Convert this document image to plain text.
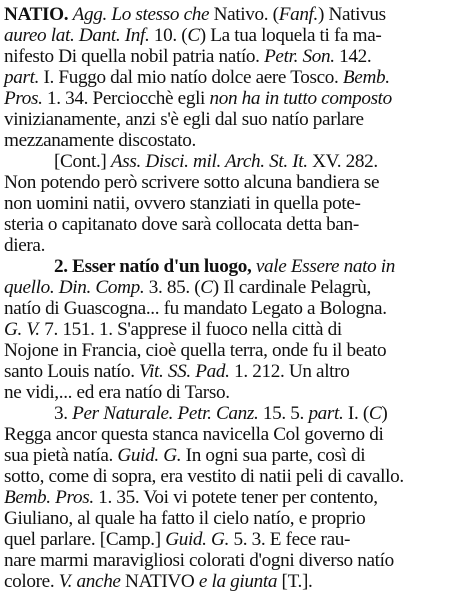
NATIO. Agg. Lo stesso che Nativo. (Fanf.) Nativus
aureo lat. Dant. Inf. 10. (C) La tua loquela ti fa ma-
nifesto Di quella nobil patria natío. Petr. Son. 142.
part. I. Fuggo dal mio natío dolce aere Tosco. Bemb.
Pros. 1. 34. Perciocchè egli non ha in tutto composto
vinizianamente, anzi s'è egli dal suo natío parlare
mezzanamente discostato.
[Cont.] Ass. Disci. mil. Arch. St. It. XV. 282.
Non potendo però scrivere sotto alcuna bandiera se
non uomini natii, ovvero stanziati in quella pote-
steria o capitanato dove sarà collocata detta ban-
diera.
2. Esser natío d'un luogo, vale Essere nato in
quello. Din. Comp. 3. 85. (C) Il cardinale Pelagrù,
natío di Guascogna... fu mandato Legato a Bologna.
G. V. 7. 151. 1. S'apprese il fuoco nella città di
Nojone in Francia, cioè quella terra, onde fu il beato
santo Louis natío. Vit. SS. Pad. 1. 212. Un altro
ne vidi,... ed era natío di Tarso.
3. Per Naturale. Petr. Canz. 15. 5. part. I. (C)
Regga ancor questa stanca navicella Col governo di
sua pietà natía. Guid. G. In ogni sua parte, così di
sotto, come di sopra, era vestito di natii peli di cavallo.
Bemb. Pros. 1. 35. Voi vi potete tener per contento,
Giuliano, al quale ha fatto il cielo natío, e proprio
quel parlare. [Camp.] Guid. G. 5. 3. E fece rau-
nare marmi maravigliosi colorati d'ogni diverso natío
colore. V. anche NATIVO e la giunta [T.].
